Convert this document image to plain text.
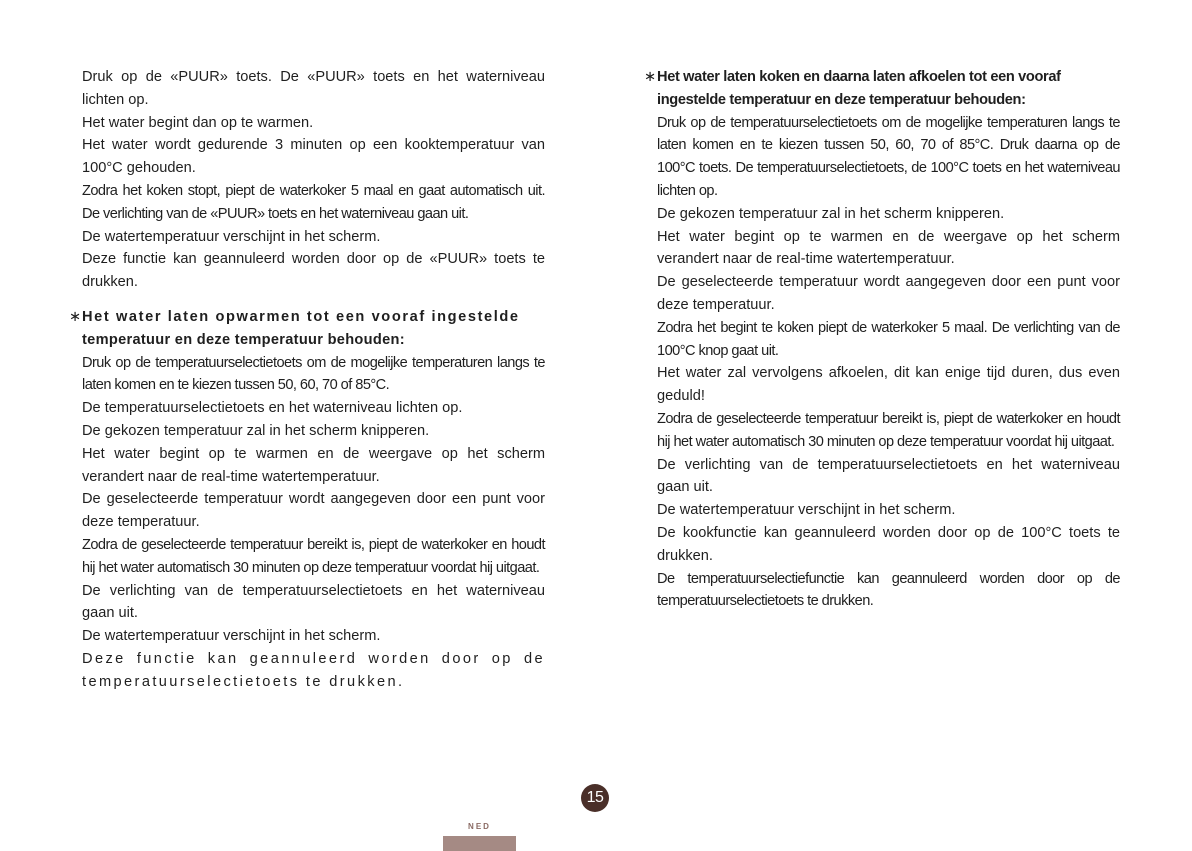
Druk op de «PUUR» toets. De «PUUR» toets en het waterniveau lichten op.

Het water begint dan op te warmen.

Het water wordt gedurende 3 minuten op een kooktemperatuur van 100°C gehouden.

Zodra het koken stopt, piept de waterkoker 5 maal en gaat automatisch uit. De verlichting van de «PUUR» toets en het waterniveau gaan uit.

De watertemperatuur verschijnt in het scherm.

Deze functie kan geannuleerd worden door op de «PUUR» toets te drukken.

∗ Het water laten opwarmen tot een vooraf ingestelde
temperatuur en deze temperatuur behouden:

Druk op de temperatuurselectietoets om de mogelijke temperaturen langs te laten komen en te kiezen tussen 50, 60, 70 of 85°C.

De temperatuurselectietoets en het waterniveau lichten op.

De gekozen temperatuur zal in het scherm knipperen.

Het water begint op te warmen en de weergave op het scherm verandert naar de real-time watertemperatuur.

De geselecteerde temperatuur wordt aangegeven door een punt voor deze temperatuur.

Zodra de geselecteerde temperatuur bereikt is, piept de waterkoker en houdt hij het water automatisch 30 minuten op deze temperatuur voordat hij uitgaat.

De verlichting van de temperatuurselectietoets en het waterniveau gaan uit.

De watertemperatuur verschijnt in het scherm.

Deze functie kan geannuleerd worden door op de temperatuurselectietoets te drukken.

∗ Het water laten koken en daarna laten afkoelen tot een vooraf
ingestelde temperatuur en deze temperatuur behouden:

Druk op de temperatuurselectietoets om de mogelijke temperaturen langs te laten komen en te kiezen tussen 50, 60, 70 of 85°C. Druk daarna op de 100°C toets. De temperatuurselectietoets, de 100°C toets en het waterniveau lichten op.

De gekozen temperatuur zal in het scherm knipperen.

Het water begint op te warmen en de weergave op het scherm verandert naar de real-time watertemperatuur.

De geselecteerde temperatuur wordt aangegeven door een punt voor deze temperatuur.

Zodra het begint te koken piept de waterkoker 5 maal. De verlichting van de 100°C knop gaat uit.

Het water zal vervolgens afkoelen, dit kan enige tijd duren, dus even geduld!

Zodra de geselecteerde temperatuur bereikt is, piept de waterkoker en houdt hij het water automatisch 30 minuten op deze temperatuur voordat hij uitgaat.

De verlichting van de temperatuurselectietoets en het waterniveau gaan uit.

De watertemperatuur verschijnt in het scherm.

De kookfunctie kan geannuleerd worden door op de 100°C toets te drukken.

De temperatuurselectiefunctie kan geannuleerd worden door op de temperatuurselectietoets te drukken.

15
NED
